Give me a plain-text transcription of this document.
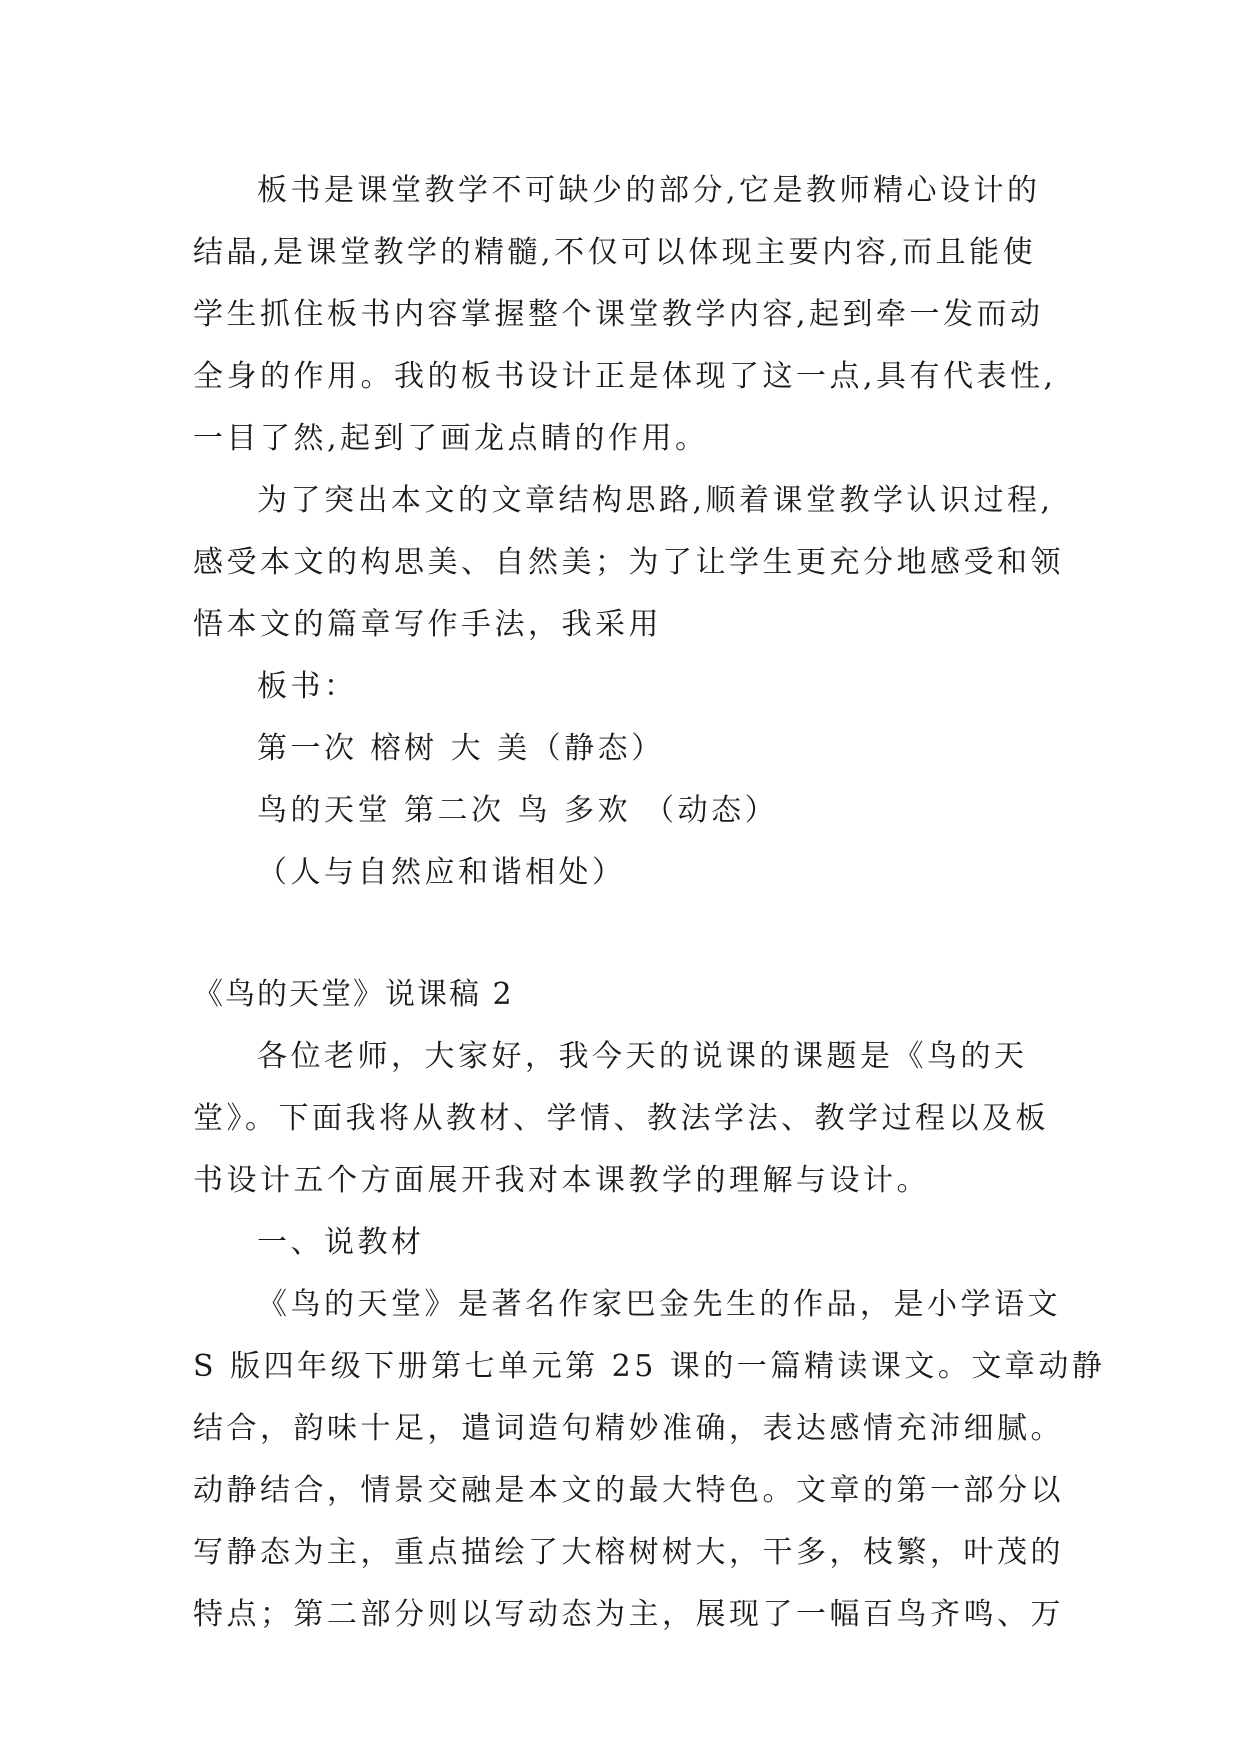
板书是课堂教学不可缺少的部分,它是教师精心设计的
结晶,是课堂教学的精髓,不仅可以体现主要内容,而且能使
学生抓住板书内容掌握整个课堂教学内容,起到牵一发而动
全身的作用。我的板书设计正是体现了这一点,具有代表性,
一目了然,起到了画龙点睛的作用。
为了突出本文的文章结构思路,顺着课堂教学认识过程,
感受本文的构思美、自然美；为了让学生更充分地感受和领
悟本文的篇章写作手法，我采用
板书：
第一次 榕树 大 美（静态）
鸟的天堂 第二次 鸟 多欢 （动态）
（人与自然应和谐相处）
《鸟的天堂》说课稿 2
各位老师，大家好，我今天的说课的课题是《鸟的天
堂》。下面我将从教材、学情、教法学法、教学过程以及板
书设计五个方面展开我对本课教学的理解与设计。
一、说教材
《鸟的天堂》是著名作家巴金先生的作品，是小学语文
S 版四年级下册第七单元第 25 课的一篇精读课文。文章动静
结合，韵味十足，遣词造句精妙准确，表达感情充沛细腻。
动静结合，情景交融是本文的最大特色。文章的第一部分以
写静态为主，重点描绘了大榕树树大，干多，枝繁，叶茂的
特点；第二部分则以写动态为主，展现了一幅百鸟齐鸣、万
